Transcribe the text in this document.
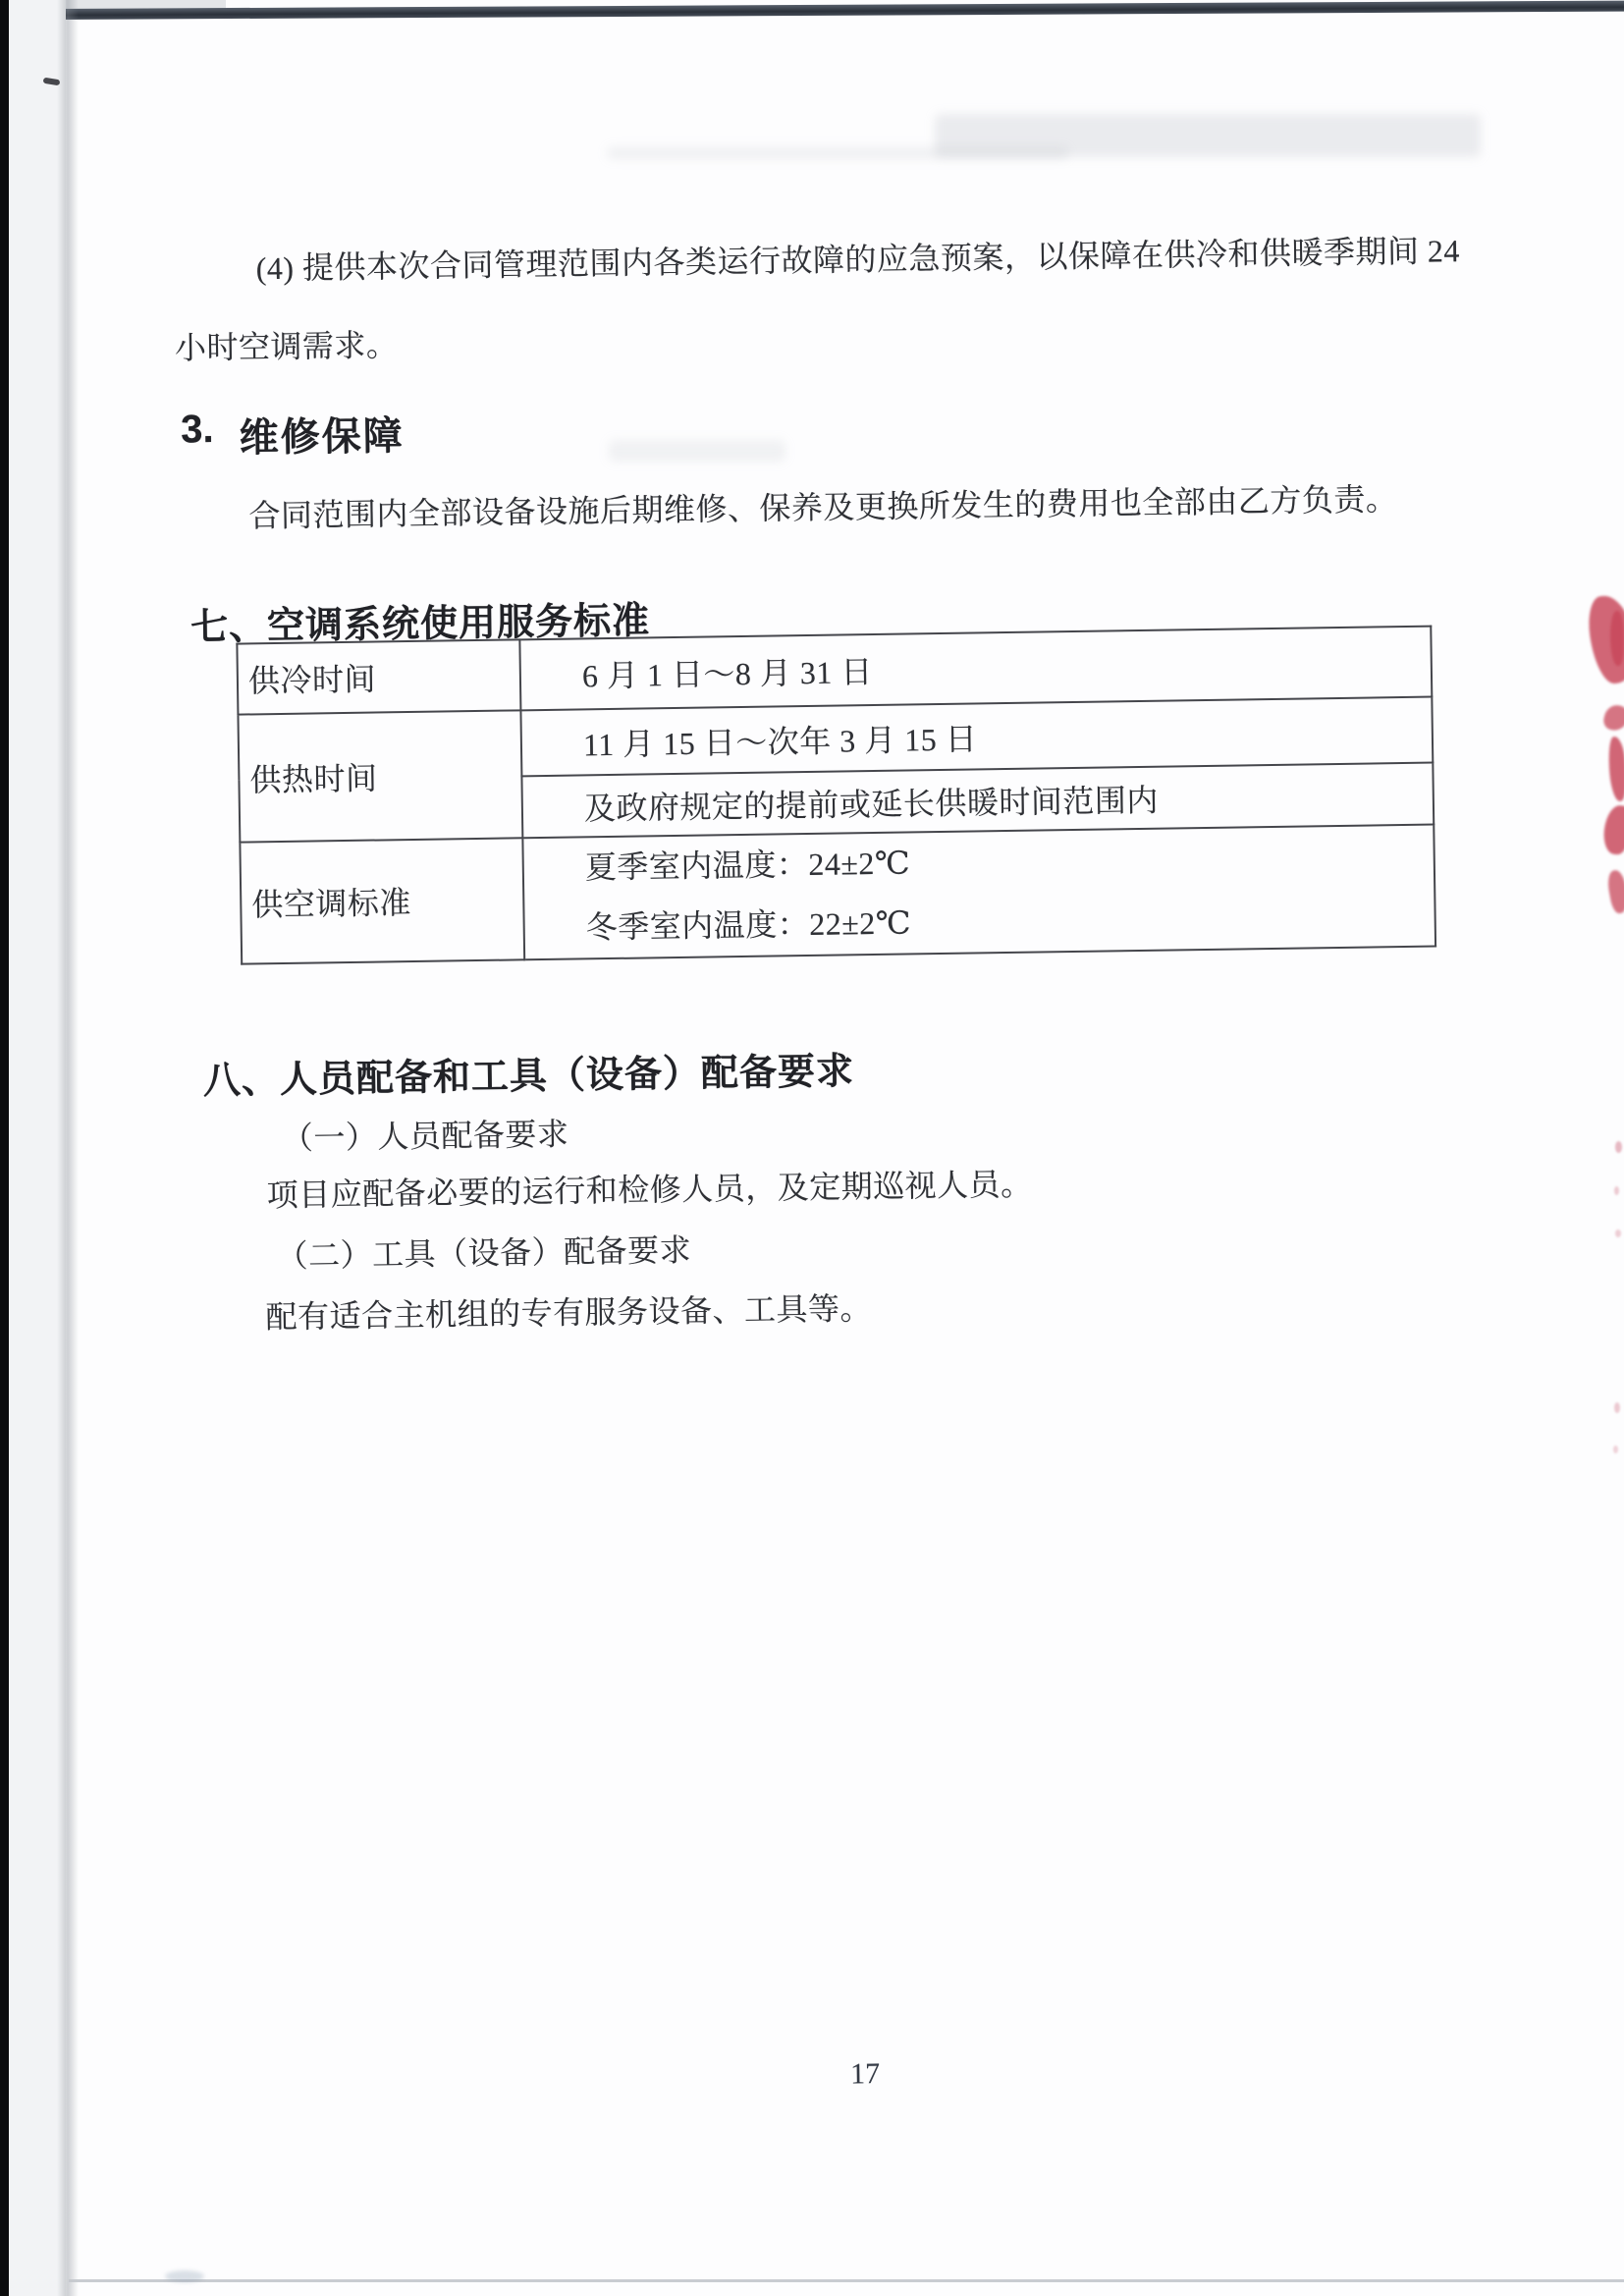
(4) 提供本次合同管理范围内各类运行故障的应急预案，以保障在供冷和供暖季期间 24
小时空调需求。
3. 维修保障
合同范围内全部设备设施后期维修、保养及更换所发生的费用也全部由乙方负责。
七、空调系统使用服务标准
供冷时间	6 月 1 日～8 月 31 日
供热时间	11 月 15 日～次年 3 月 15 日
	及政府规定的提前或延长供暖时间范围内
供空调标准	夏季室内温度：24±2℃
冬季室内温度：22±2℃
八、人员配备和工具（设备）配备要求
（一）人员配备要求
项目应配备必要的运行和检修人员，及定期巡视人员。
（二）工具（设备）配备要求
配有适合主机组的专有服务设备、工具等。
17
